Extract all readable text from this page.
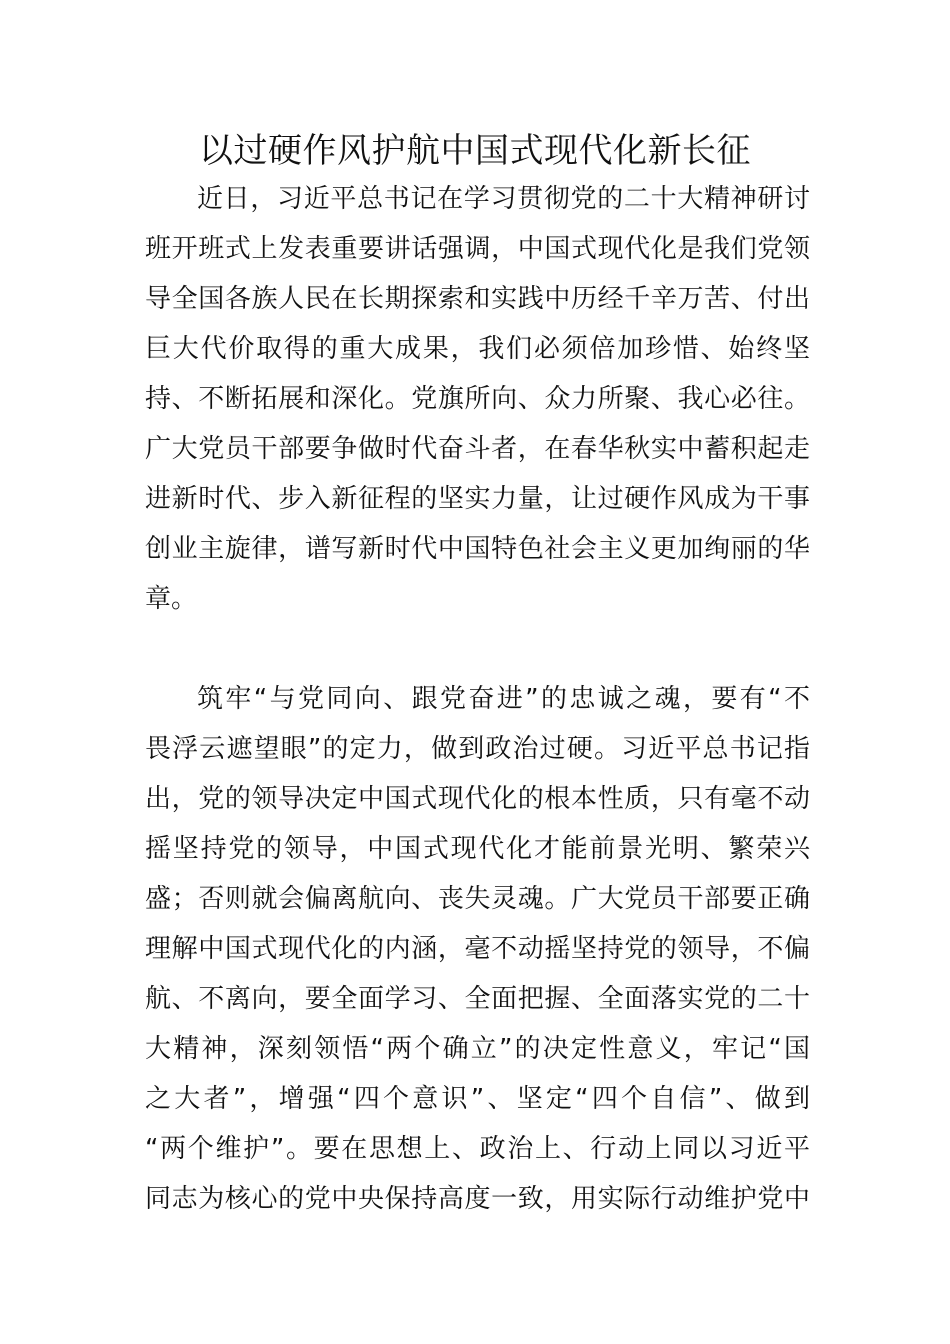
以过硬作风护航中国式现代化新长征
近日，习近平总书记在学习贯彻党的二十大精神研讨
班开班式上发表重要讲话强调，中国式现代化是我们党领
导全国各族人民在长期探索和实践中历经千辛万苦、付出
巨大代价取得的重大成果，我们必须倍加珍惜、始终坚
持、不断拓展和深化。党旗所向、众力所聚、我心必往。
广大党员干部要争做时代奋斗者，在春华秋实中蓄积起走
进新时代、步入新征程的坚实力量，让过硬作风成为干事
创业主旋律，谱写新时代中国特色社会主义更加绚丽的华
章。
筑牢“与党同向、跟党奋进”的忠诚之魂，要有“不
畏浮云遮望眼”的定力，做到政治过硬。习近平总书记指
出，党的领导决定中国式现代化的根本性质，只有毫不动
摇坚持党的领导，中国式现代化才能前景光明、繁荣兴
盛；否则就会偏离航向、丧失灵魂。广大党员干部要正确
理解中国式现代化的内涵，毫不动摇坚持党的领导，不偏
航、不离向，要全面学习、全面把握、全面落实党的二十
大精神，深刻领悟“两个确立”的决定性意义，牢记“国
之大者”，增强“四个意识”、坚定“四个自信”、做到
“两个维护”。要在思想上、政治上、行动上同以习近平
同志为核心的党中央保持高度一致，用实际行动维护党中
